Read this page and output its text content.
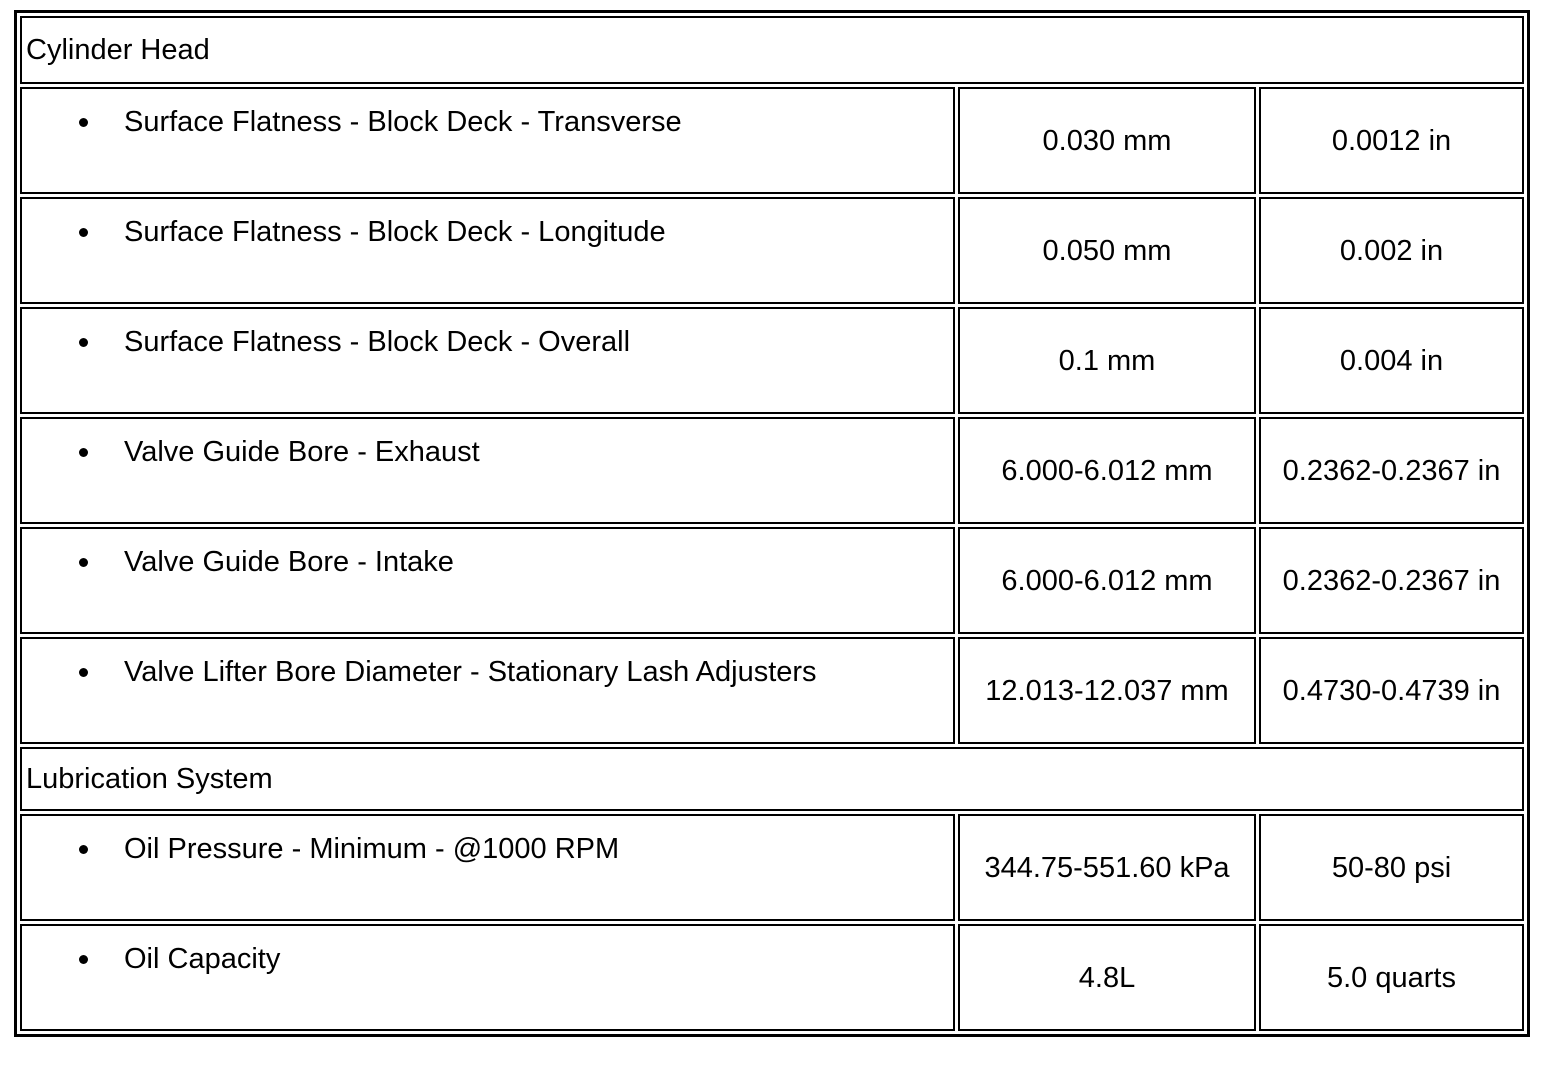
Cylinder Head		

Surface Flatness - Block Deck - Transverse	0.030 mm	0.0012 in

Surface Flatness - Block Deck - Longitude	0.050 mm	0.002 in

Surface Flatness - Block Deck - Overall	0.1 mm	0.004 in

Valve Guide Bore - Exhaust	6.000-6.012 mm	0.2362-0.2367 in

Valve Guide Bore - Intake	6.000-6.012 mm	0.2362-0.2367 in

Valve Lifter Bore Diameter - Stationary Lash Adjusters	12.013-12.037 mm	0.4730-0.4739 in
Lubrication System		

Oil Pressure - Minimum - @1000 RPM	344.75-551.60 kPa	50-80 psi

Oil Capacity	4.8L	5.0 quarts
